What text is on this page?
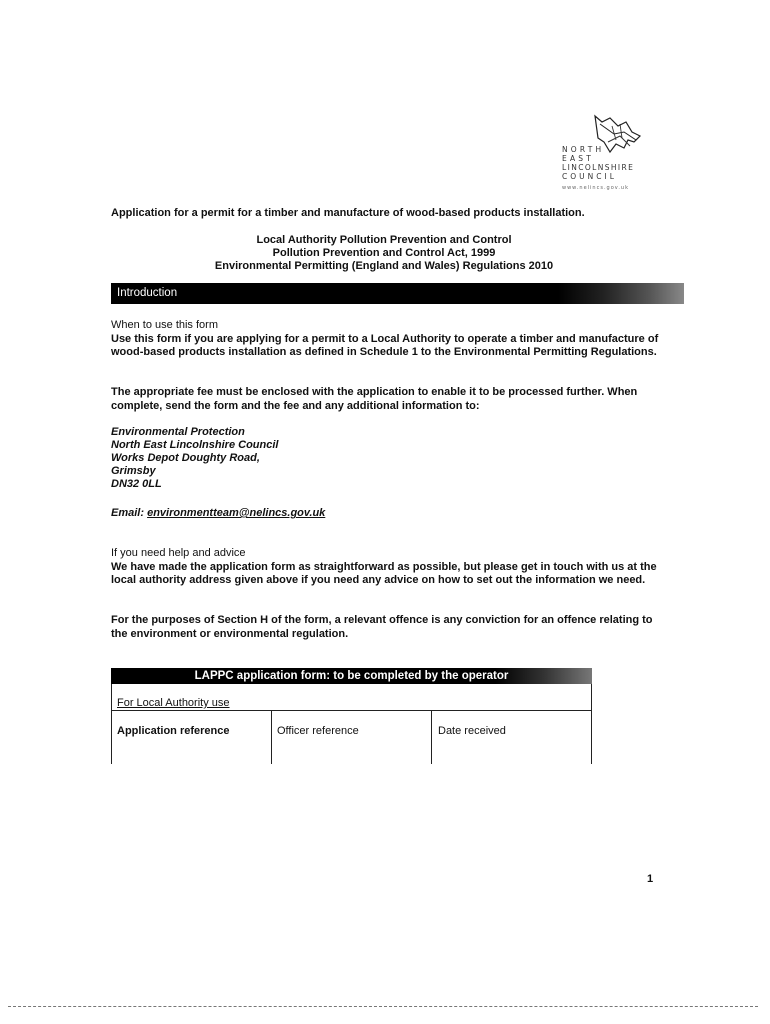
NORTH
EAST
LINCOLNSHIRE
COUNCIL
www.nelincs.gov.uk
Application for a permit for a timber and manufacture of wood-based products installation.
Local Authority Pollution Prevention and Control
Pollution Prevention and Control Act, 1999
Environmental Permitting (England and Wales) Regulations 2010
Introduction
When to use this form
Use this form if you are applying for a permit to a Local Authority to operate a timber and manufacture of wood-based products installation as defined in Schedule 1 to the Environmental Permitting Regulations.
The appropriate fee must be enclosed with the application to enable it to be processed further. When complete, send the form and the fee and any additional information to:
Environmental Protection
North East Lincolnshire Council
Works Depot Doughty Road,
Grimsby
DN32 0LL
Email: environmentteam@nelincs.gov.uk
If you need help and advice
We have made the application form as straightforward as possible, but please get in touch with us at the local authority address given above if you need any advice on how to set out the information we need.
For the purposes of Section H of the form, a relevant offence is any conviction for an offence relating to the environment or environmental regulation.
LAPPC application form: to be completed by the operator
For Local Authority use
Application reference	Officer reference	Date received
1
